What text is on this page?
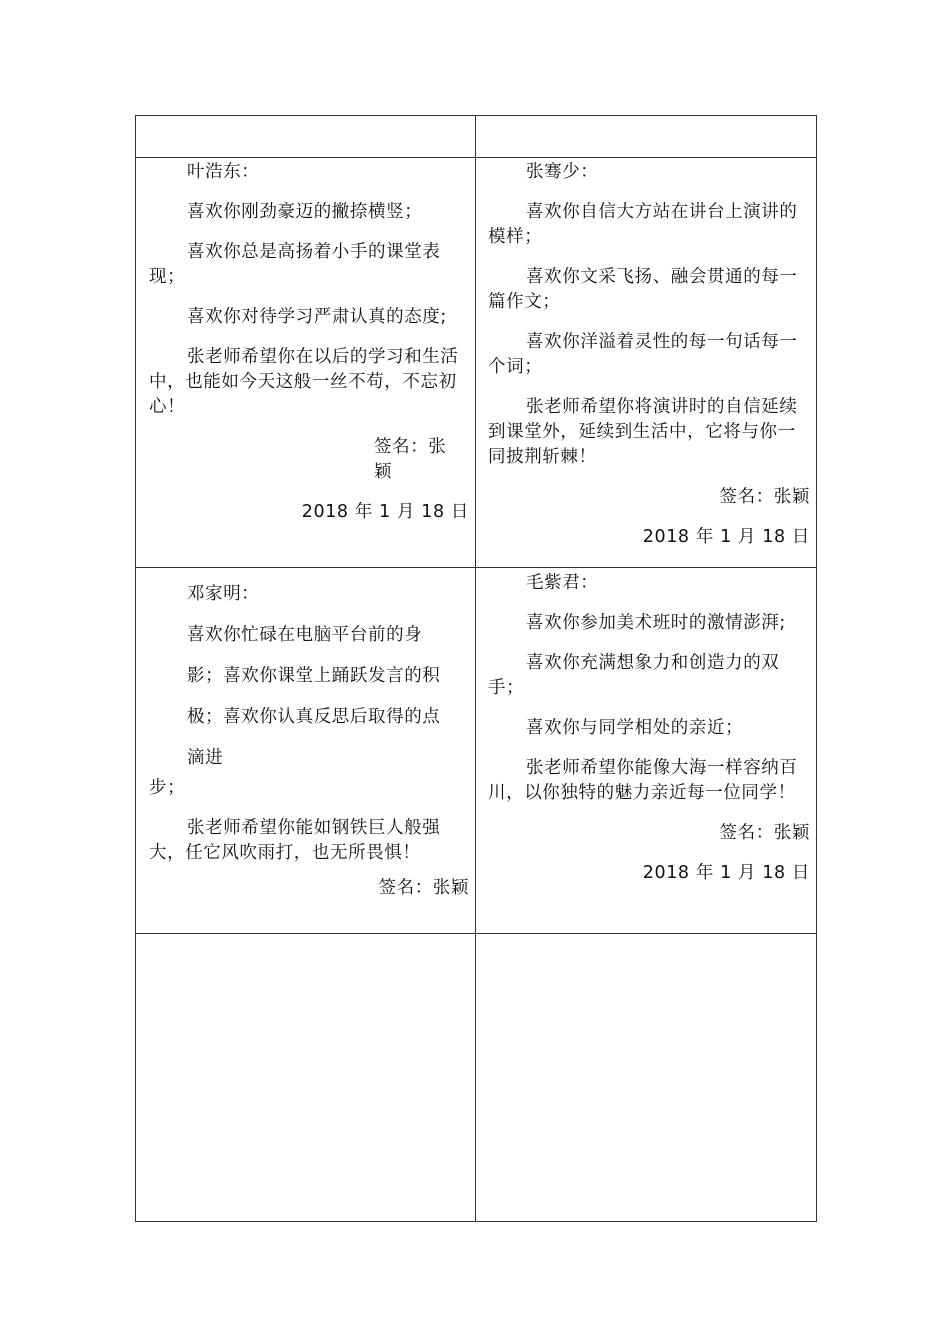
叶浩东：

喜欢你刚劲豪迈的撇捺横竖；

喜欢你总是高扬着小手的课堂表现；

喜欢你对待学习严肃认真的态度;

张老师希望你在以后的学习和生活中，也能如今天这般一丝不苟，不忘初心！

签名：张颖

2018 年 1 月 18 日

张骞少：

喜欢你自信大方站在讲台上演讲的模样；

喜欢你文采飞扬、融会贯通的每一篇作文；

喜欢你洋溢着灵性的每一句话每一个词；

张老师希望你将演讲时的自信延续到课堂外，延续到生活中，它将与你一同披荆斩棘！

签名：张颖

2018 年 1 月 18 日

邓家明：

喜欢你忙碌在电脑平台前的身

影；喜欢你课堂上踊跃发言的积

极；喜欢你认真反思后取得的点

滴进

步；

张老师希望你能如钢铁巨人般强大，任它风吹雨打，也无所畏惧！

签名：张颖

毛紫君：

喜欢你参加美术班时的激情澎湃;

喜欢你充满想象力和创造力的双手；

喜欢你与同学相处的亲近；

张老师希望你能像大海一样容纳百川，以你独特的魅力亲近每一位同学！

签名：张颖

2018 年 1 月 18 日
